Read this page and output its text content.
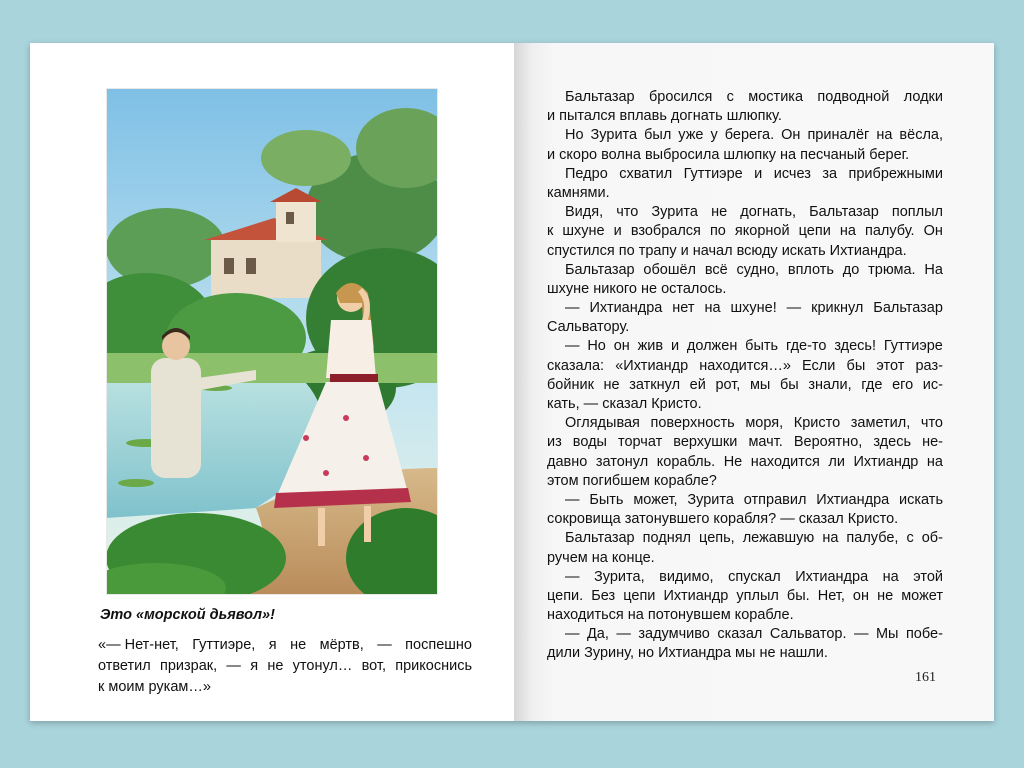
Это «морской дьявол»!
«— Нет-нет, Гуттиэре, я не мёртв, — поспешно
ответил призрак, — я не утонул… вот, прикоснись
к моим рукам…»
Бальтазар бросился с мостика подводной лодки
и пытался вплавь догнать шлюпку.
Но Зурита был уже у берега. Он приналёг на вёсла,
и скоро волна выбросила шлюпку на песчаный берег.
Педро схватил Гуттиэре и исчез за прибрежными
камнями.
Видя, что Зурита не догнать, Бальтазар поплыл
к шхуне и взобрался по якорной цепи на палубу. Он
спустился по трапу и начал всюду искать Ихтиандра.
Бальтазар обошёл всё судно, вплоть до трюма. На
шхуне никого не осталось.
— Ихтиандра нет на шхуне! — крикнул Бальтазар
Сальватору.
— Но он жив и должен быть где-то здесь! Гуттиэре
сказала: «Ихтиандр находится…» Если бы этот раз-
бойник не заткнул ей рот, мы бы знали, где его ис-
кать, — сказал Кристо.
Оглядывая поверхность моря, Кристо заметил, что
из воды торчат верхушки мачт. Вероятно, здесь не-
давно затонул корабль. Не находится ли Ихтиандр на
этом погибшем корабле?
— Быть может, Зурита отправил Ихтиандра искать
сокровища затонувшего корабля? — сказал Кристо.
Бальтазар поднял цепь, лежавшую на палубе, с об-
ручем на конце.
— Зурита, видимо, спускал Ихтиандра на этой
цепи. Без цепи Ихтиандр уплыл бы. Нет, он не может
находиться на потонувшем корабле.
— Да, — задумчиво сказал Сальватор. — Мы побе-
дили Зурину, но Ихтиандра мы не нашли.
161
